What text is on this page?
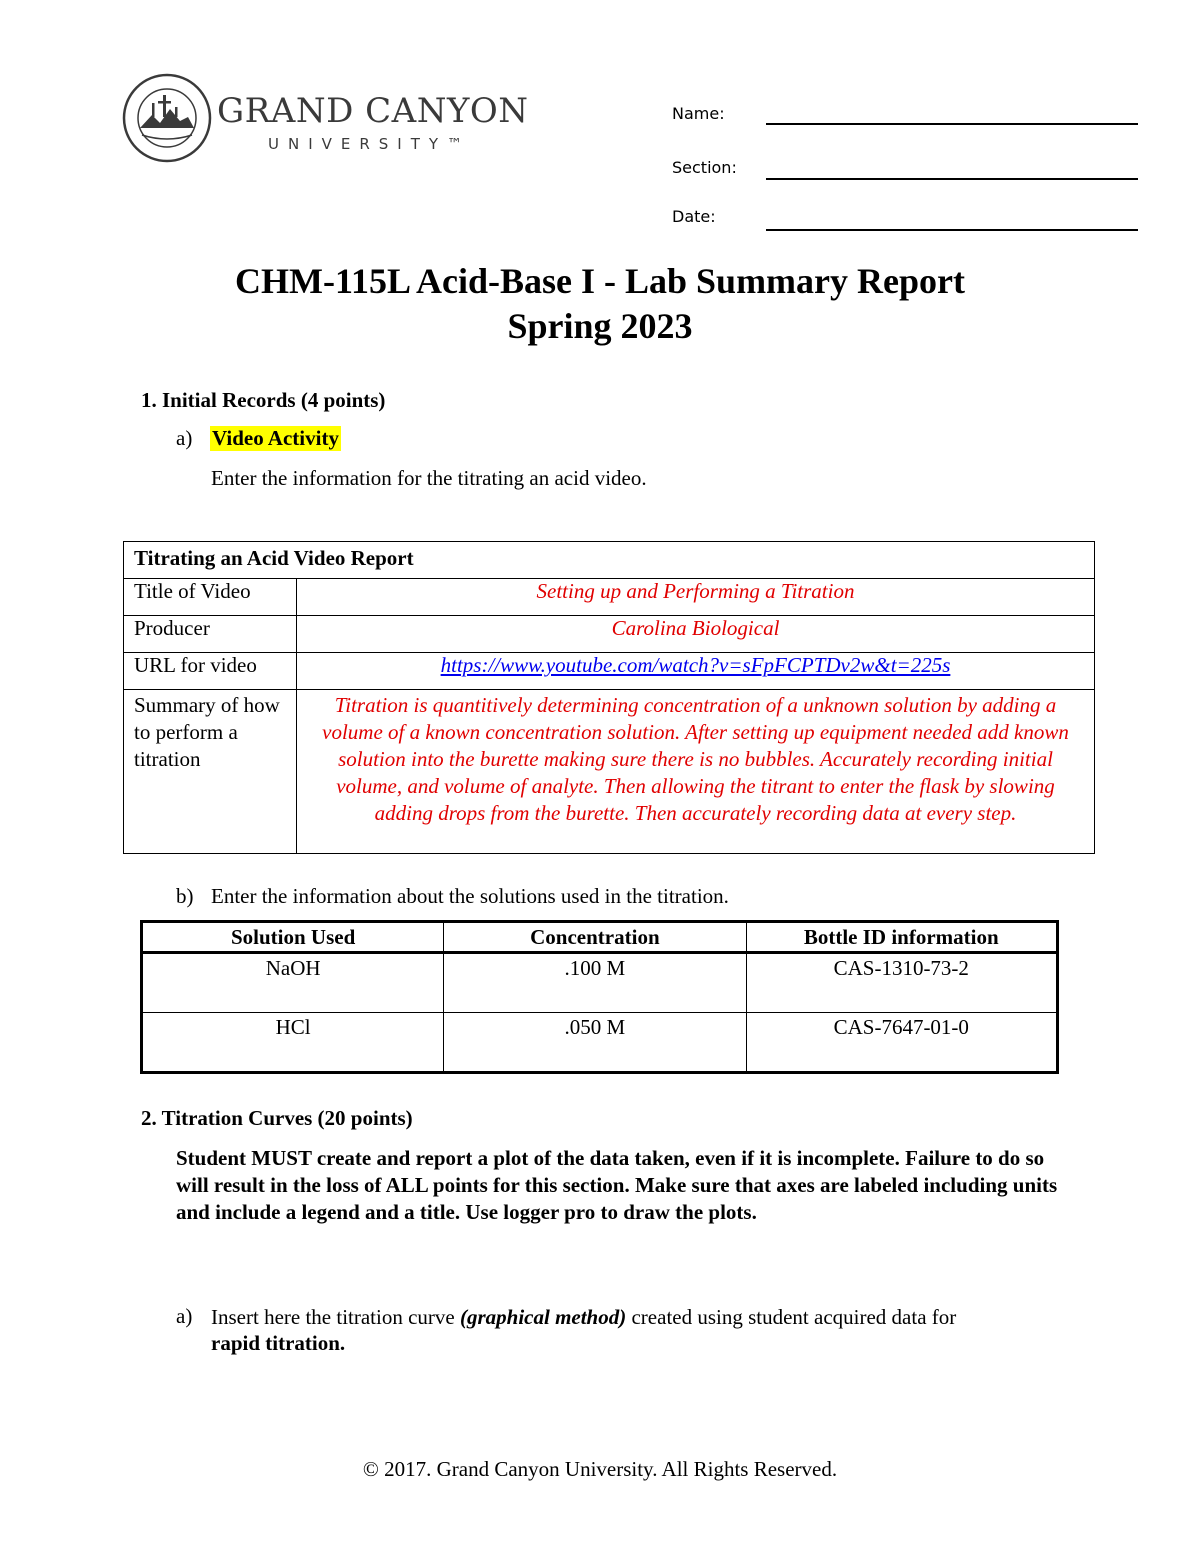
GRAND CANYON
UNIVERSITY™
Name:
Section:
Date:
CHM-115L Acid-Base I - Lab Summary Report
Spring 2023
1. Initial Records (4 points)
a) Video Activity
Enter the information for the titrating an acid video.
Titrating an Acid Video Report	
Title of Video	Setting up and Performing a Titration
Producer	Carolina Biological
URL for video	https://www.youtube.com/watch?v=sFpFCPTDv2w&t=225s
Summary of how to perform a titration	Titration is quantitively determining concentration of a unknown solution by adding a volume of a known concentration solution. After setting up equipment needed add known solution into the burette making sure there is no bubbles. Accurately recording initial volume, and volume of analyte. Then allowing the titrant to enter the flask by slowing adding drops from the burette. Then accurately recording data at every step.
b) Enter the information about the solutions used in the titration.
Solution Used	Concentration	Bottle ID information
NaOH	.100 M	CAS-1310-73-2
HCl	.050 M	CAS-7647-01-0
2. Titration Curves (20 points)
Student MUST create and report a plot of the data taken, even if it is incomplete. Failure to do so will result in the loss of ALL points for this section. Make sure that axes are labeled including units and include a legend and a title. Use logger pro to draw the plots.
a) Insert here the titration curve (graphical method) created using student acquired data for
rapid titration.
© 2017. Grand Canyon University. All Rights Reserved.
